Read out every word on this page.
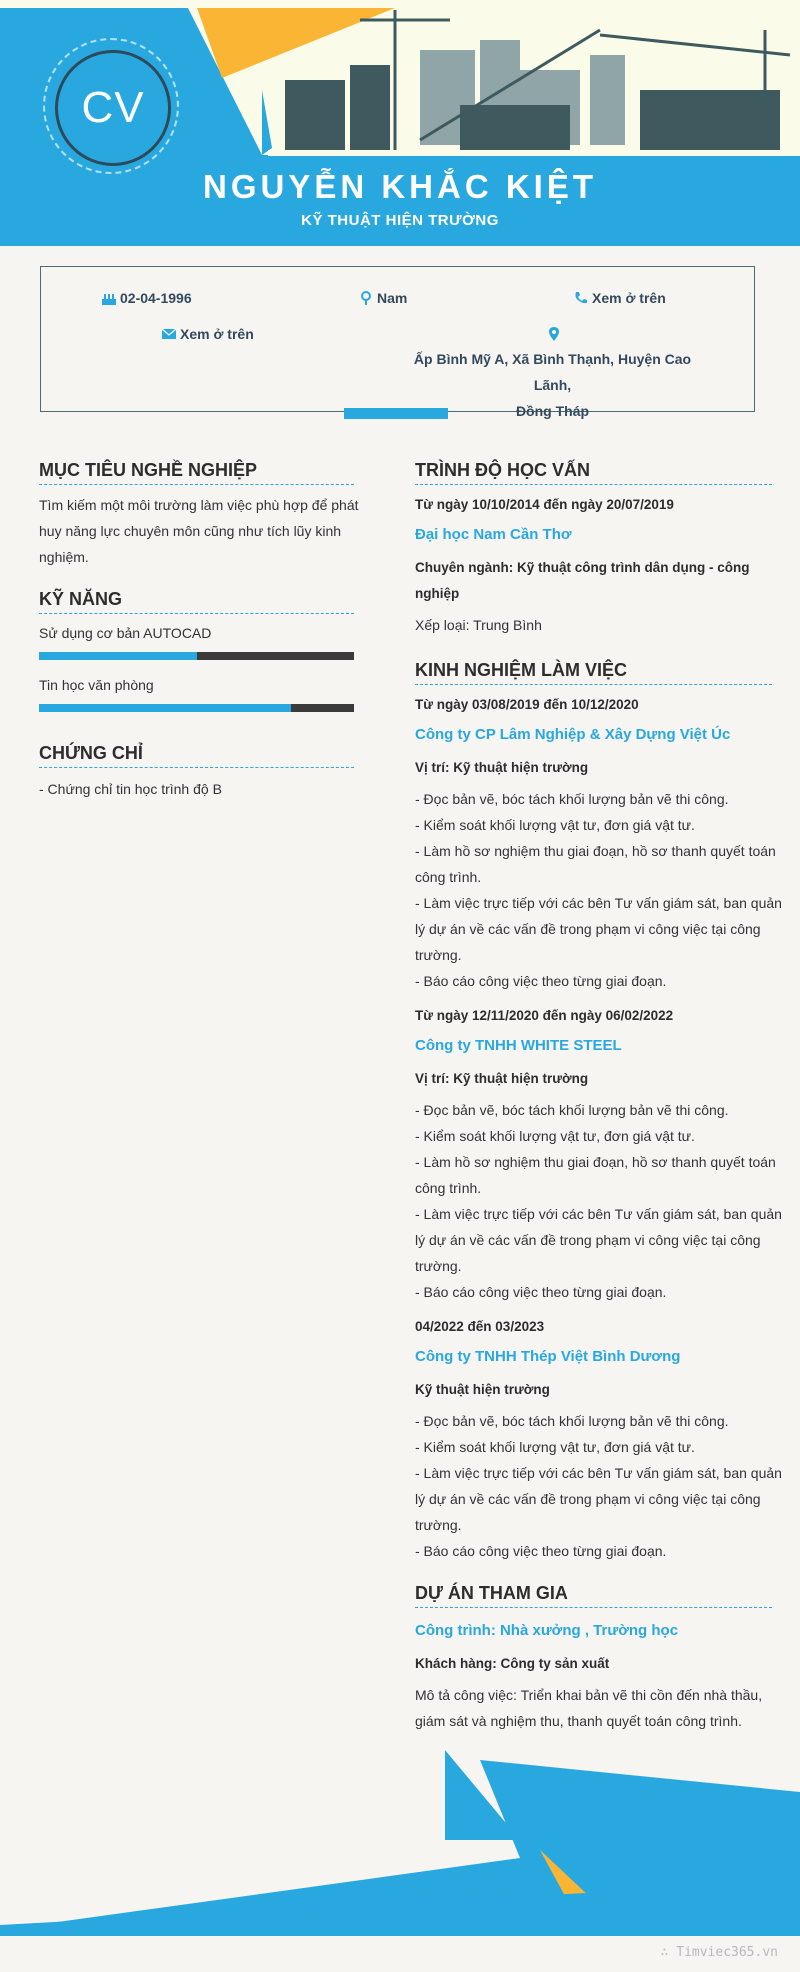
CV
NGUYỄN KHẮC KIỆT
KỸ THUẬT HIỆN TRƯỜNG
02-04-1996	Nam	Xem ở trên
Xem ở trên
Ấp Bình Mỹ A, Xã Bình Thạnh, Huyện Cao Lãnh,
Đồng Tháp
MỤC TIÊU NGHỀ NGHIỆP
Tìm kiếm một môi trường làm việc phù hợp để phát
huy năng lực chuyên môn cũng như tích lũy kinh
nghiệm.
KỸ NĂNG
Sử dụng cơ bản AUTOCAD
Tin học văn phòng
CHỨNG CHỈ
- Chứng chỉ tin học trình độ B
TRÌNH ĐỘ HỌC VẤN
Từ ngày 10/10/2014 đến ngày 20/07/2019
Đại học Nam Cần Thơ
Chuyên ngành: Kỹ thuật công trình dân dụng - công
nghiệp
Xếp loại: Trung Bình
KINH NGHIỆM LÀM VIỆC
Từ ngày 03/08/2019 đến 10/12/2020
Công ty CP Lâm Nghiệp & Xây Dựng Việt Úc
Vị trí: Kỹ thuật hiện trường
- Đọc bản vẽ, bóc tách khối lượng bản vẽ thi công.
- Kiểm soát khối lượng vật tư, đơn giá vật tư.
- Làm hồ sơ nghiệm thu giai đoạn, hồ sơ thanh quyết toán
công trình.
- Làm việc trực tiếp với các bên Tư vấn giám sát, ban quản
lý dự án về các vấn đề trong phạm vi công việc tại công
trường.
- Báo cáo công việc theo từng giai đoạn.
Từ ngày 12/11/2020 đến ngày 06/02/2022
Công ty TNHH WHITE STEEL
Vị trí: Kỹ thuật hiện trường
- Đọc bản vẽ, bóc tách khối lượng bản vẽ thi công.
- Kiểm soát khối lượng vật tư, đơn giá vật tư.
- Làm hồ sơ nghiệm thu giai đoạn, hồ sơ thanh quyết toán
công trình.
- Làm việc trực tiếp với các bên Tư vấn giám sát, ban quản
lý dự án về các vấn đề trong phạm vi công việc tại công
trường.
- Báo cáo công việc theo từng giai đoạn.
04/2022 đến 03/2023
Công ty TNHH Thép Việt Bình Dương
Kỹ thuật hiện trường
- Đọc bản vẽ, bóc tách khối lượng bản vẽ thi công.
- Kiểm soát khối lượng vật tư, đơn giá vật tư.
- Làm việc trực tiếp với các bên Tư vấn giám sát, ban quản
lý dự án về các vấn đề trong phạm vi công việc tại công
trường.
- Báo cáo công việc theo từng giai đoạn.
DỰ ÁN THAM GIA
Công trình: Nhà xưởng , Trường học
Khách hàng: Công ty sản xuất
Mô tả công việc: Triển khai bản vẽ thi cồn đến nhà thầu,
giám sát và nghiệm thu, thanh quyết toán công trình.
∴ Timviec365.vn
